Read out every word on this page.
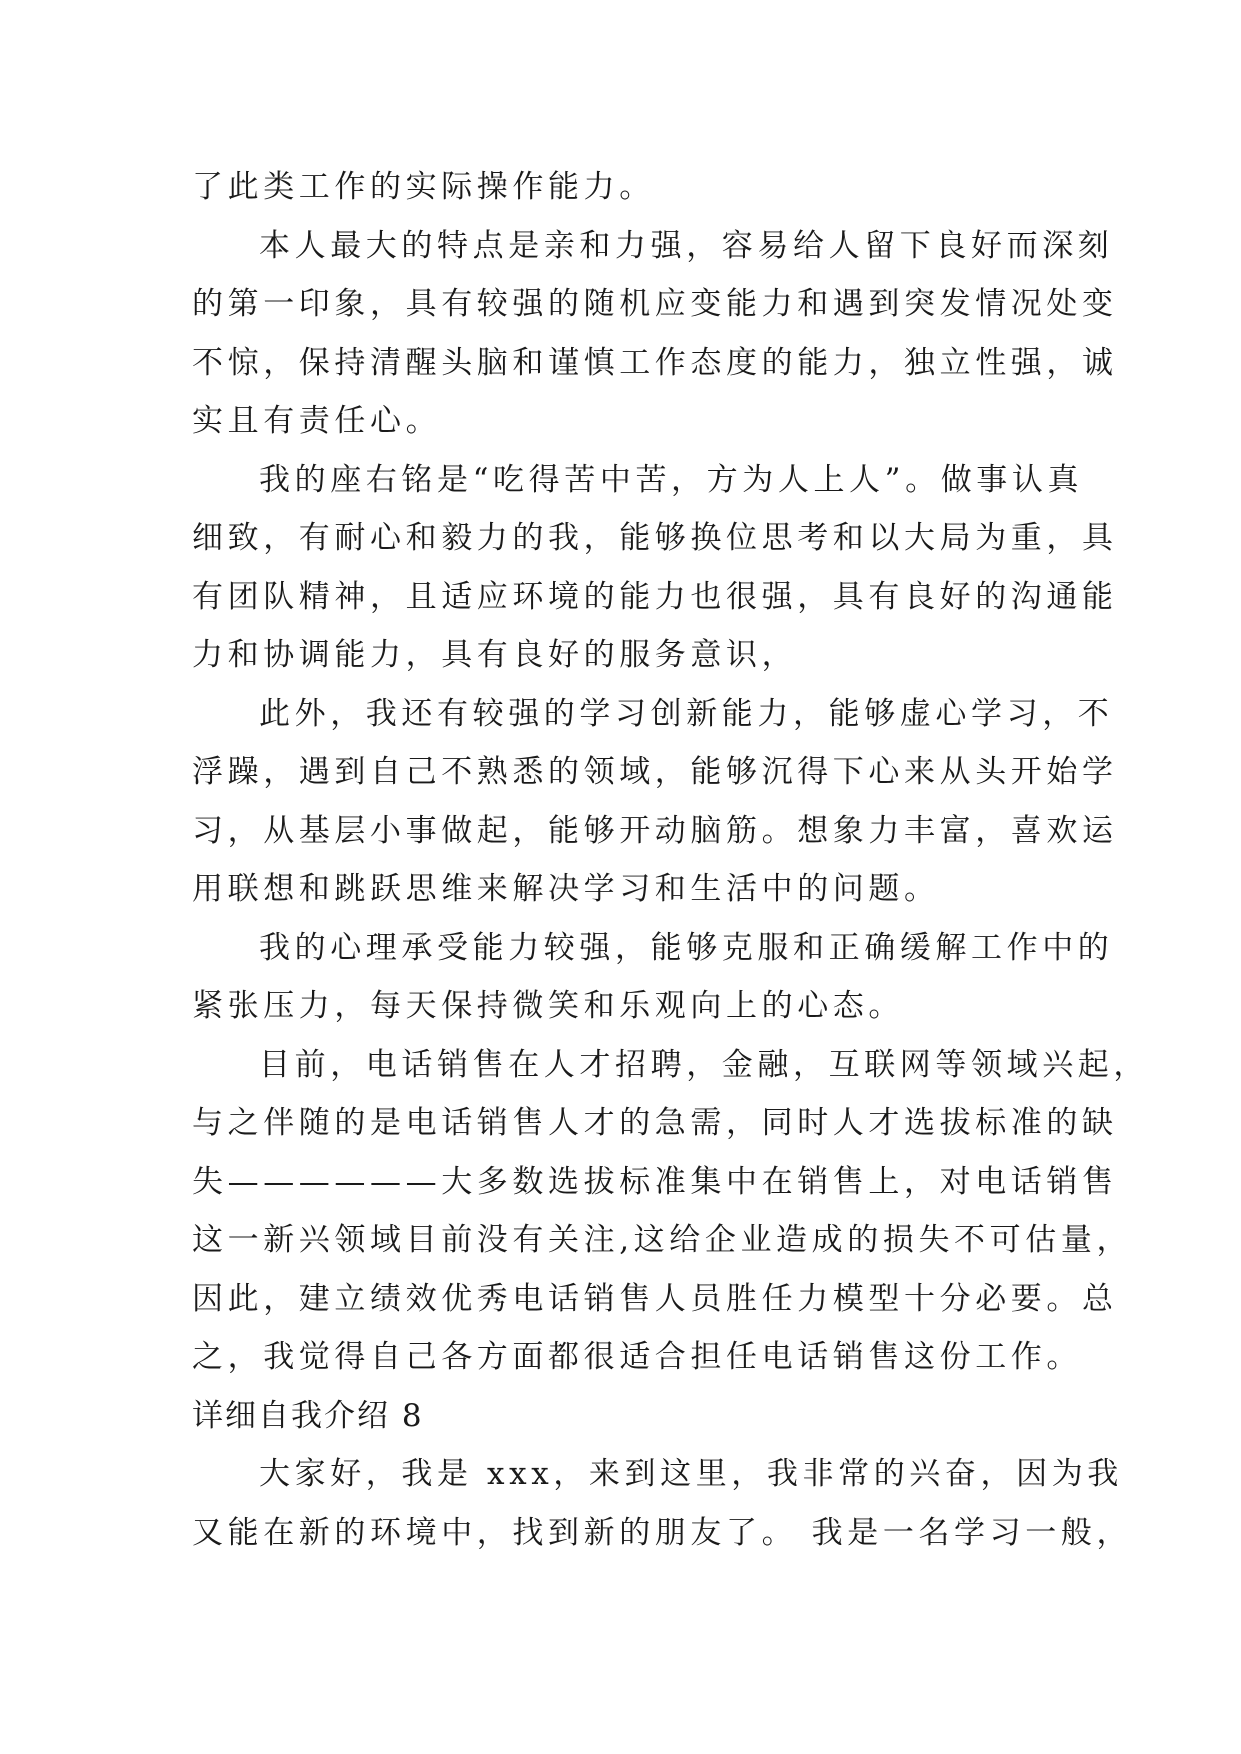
了此类工作的实际操作能力。
本人最大的特点是亲和力强，容易给人留下良好而深刻
的第一印象，具有较强的随机应变能力和遇到突发情况处变
不惊，保持清醒头脑和谨慎工作态度的能力，独立性强，诚
实且有责任心。
我的座右铭是“吃得苦中苦，方为人上人”。做事认真
细致，有耐心和毅力的我，能够换位思考和以大局为重，具
有团队精神，且适应环境的能力也很强，具有良好的沟通能
力和协调能力，具有良好的服务意识，
此外，我还有较强的学习创新能力，能够虚心学习，不
浮躁，遇到自己不熟悉的领域，能够沉得下心来从头开始学
习，从基层小事做起，能够开动脑筋。想象力丰富，喜欢运
用联想和跳跃思维来解决学习和生活中的问题。
我的心理承受能力较强，能够克服和正确缓解工作中的
紧张压力，每天保持微笑和乐观向上的心态。
目前，电话销售在人才招聘，金融，互联网等领域兴起，
与之伴随的是电话销售人才的急需，同时人才选拔标准的缺
失——————大多数选拔标准集中在销售上，对电话销售
这一新兴领域目前没有关注,这给企业造成的损失不可估量，
因此，建立绩效优秀电话销售人员胜任力模型十分必要。总
之，我觉得自己各方面都很适合担任电话销售这份工作。
详细自我介绍 8
大家好，我是 xxx，来到这里，我非常的兴奋，因为我
又能在新的环境中，找到新的朋友了。 我是一名学习一般，
